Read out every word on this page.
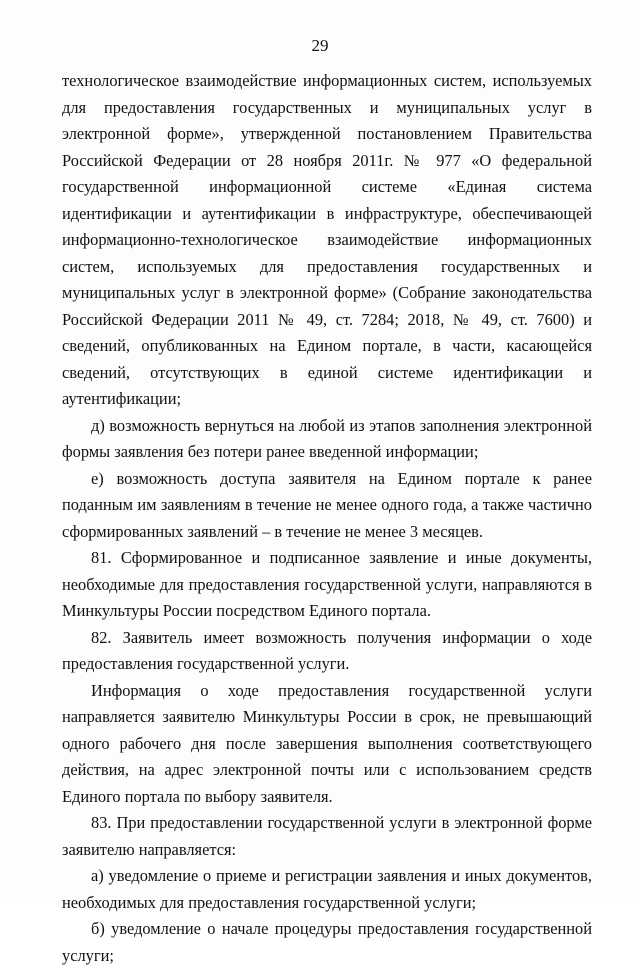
29

технологическое взаимодействие информационных систем, используемых для предоставления государственных и муниципальных услуг в электронной форме», утвержденной постановлением Правительства Российской Федерации от 28 ноября 2011г. № 977 «О федеральной государственной информационной системе «Единая система идентификации и аутентификации в инфраструктуре, обеспечивающей информационно-технологическое взаимодействие информационных систем, используемых для предоставления государственных и муниципальных услуг в электронной форме» (Собрание законодательства Российской Федерации 2011 № 49, ст. 7284; 2018, № 49, ст. 7600) и сведений, опубликованных на Едином портале, в части, касающейся сведений, отсутствующих в единой системе идентификации и аутентификации;

д) возможность вернуться на любой из этапов заполнения электронной формы заявления без потери ранее введенной информации;

е) возможность доступа заявителя на Едином портале к ранее поданным им заявлениям в течение не менее одного года, а также частично сформированных заявлений – в течение не менее 3 месяцев.

81. Сформированное и подписанное заявление и иные документы, необходимые для предоставления государственной услуги, направляются в Минкультуры России посредством Единого портала.

82. Заявитель имеет возможность получения информации о ходе предоставления государственной услуги.

Информация о ходе предоставления государственной услуги направляется заявителю Минкультуры России в срок, не превышающий одного рабочего дня после завершения выполнения соответствующего действия, на адрес электронной почты или с использованием средств Единого портала по выбору заявителя.

83. При предоставлении государственной услуги в электронной форме заявителю направляется:

а) уведомление о приеме и регистрации заявления и иных документов, необходимых для предоставления государственной услуги;

б) уведомление о начале процедуры предоставления государственной услуги;
